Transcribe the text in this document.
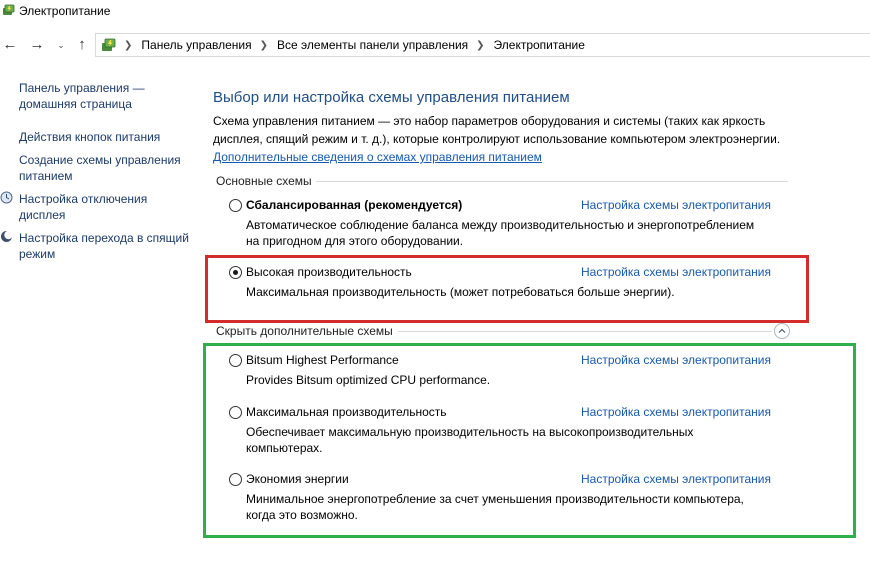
Электропитание
← → ⌄ ↑	❯ Панель управления ❯ Все элементы панели управления ❯ Электропитание
Панель управления — домашняя страница
Действия кнопок питания
Создание схемы управления питанием
Настройка отключения дисплея
Настройка перехода в спящий режим
Выбор или настройка схемы управления питанием
Схема управления питанием — это набор параметров оборудования и системы (таких как яркость дисплея, спящий режим и т. д.), которые контролируют использование компьютером электроэнергии.
Дополнительные сведения о схемах управления питанием
Основные схемы
Сбалансированная (рекомендуется)	Настройка схемы электропитания
Автоматическое соблюдение баланса между производительностью и энергопотреблением на пригодном для этого оборудовании.
Высокая производительность	Настройка схемы электропитания
Максимальная производительность (может потребоваться больше энергии).
Скрыть дополнительные схемы
Bitsum Highest Performance	Настройка схемы электропитания
Provides Bitsum optimized CPU performance.
Максимальная производительность	Настройка схемы электропитания
Обеспечивает максимальную производительность на высокопроизводительных компьютерах.
Экономия энергии	Настройка схемы электропитания
Минимальное энергопотребление за счет уменьшения производительности компьютера, когда это возможно.
